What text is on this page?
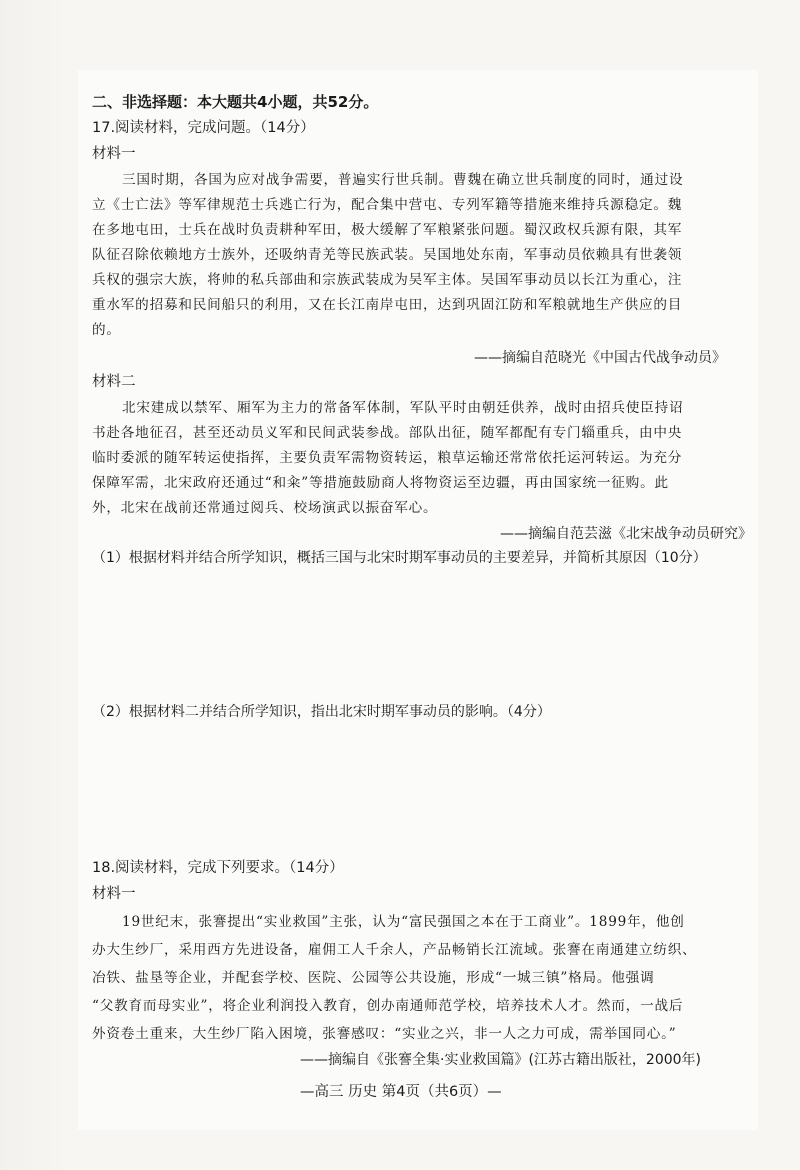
二、非选择题：本大题共4小题，共52分。
17.阅读材料，完成问题。（14分）
材料一
三国时期，各国为应对战争需要，普遍实行世兵制。曹魏在确立世兵制度的同时，通过设
立《士亡法》等军律规范士兵逃亡行为，配合集中营屯、专列军籍等措施来维持兵源稳定。魏
在多地屯田，士兵在战时负责耕种军田，极大缓解了军粮紧张问题。蜀汉政权兵源有限，其军
队征召除依赖地方士族外，还吸纳青羌等民族武装。吴国地处东南，军事动员依赖具有世袭领
兵权的强宗大族，将帅的私兵部曲和宗族武装成为吴军主体。吴国军事动员以长江为重心，注
重水军的招募和民间船只的利用，又在长江南岸屯田，达到巩固江防和军粮就地生产供应的目
的。
——摘编自范晓光《中国古代战争动员》
材料二
北宋建成以禁军、厢军为主力的常备军体制，军队平时由朝廷供养，战时由招兵使臣持诏
书赴各地征召，甚至还动员义军和民间武装参战。部队出征，随军都配有专门辎重兵，由中央
临时委派的随军转运使指挥，主要负责军需物资转运，粮草运输还常常依托运河转运。为充分
保障军需，北宋政府还通过“和籴”等措施鼓励商人将物资运至边疆，再由国家统一征购。此
外，北宋在战前还常通过阅兵、校场演武以振奋军心。
——摘编自范芸滋《北宋战争动员研究》
（1）根据材料并结合所学知识，概括三国与北宋时期军事动员的主要差异，并简析其原因（10分）
（2）根据材料二并结合所学知识，指出北宋时期军事动员的影响。（4分）
18.阅读材料，完成下列要求。（14分）
材料一
19世纪末，张謇提出“实业救国”主张，认为“富民强国之本在于工商业”。1899年，他创
办大生纱厂，采用西方先进设备，雇佣工人千余人，产品畅销长江流域。张謇在南通建立纺织、
冶铁、盐垦等企业，并配套学校、医院、公园等公共设施，形成“一城三镇”格局。他强调
“父教育而母实业”，将企业利润投入教育，创办南通师范学校，培养技术人才。然而，一战后
外资卷土重来，大生纱厂陷入困境，张謇感叹：“实业之兴，非一人之力可成，需举国同心。”
——摘编自《张謇全集·实业救国篇》(江苏古籍出版社，2000年)
—高三 历史 第4页（共6页）—
